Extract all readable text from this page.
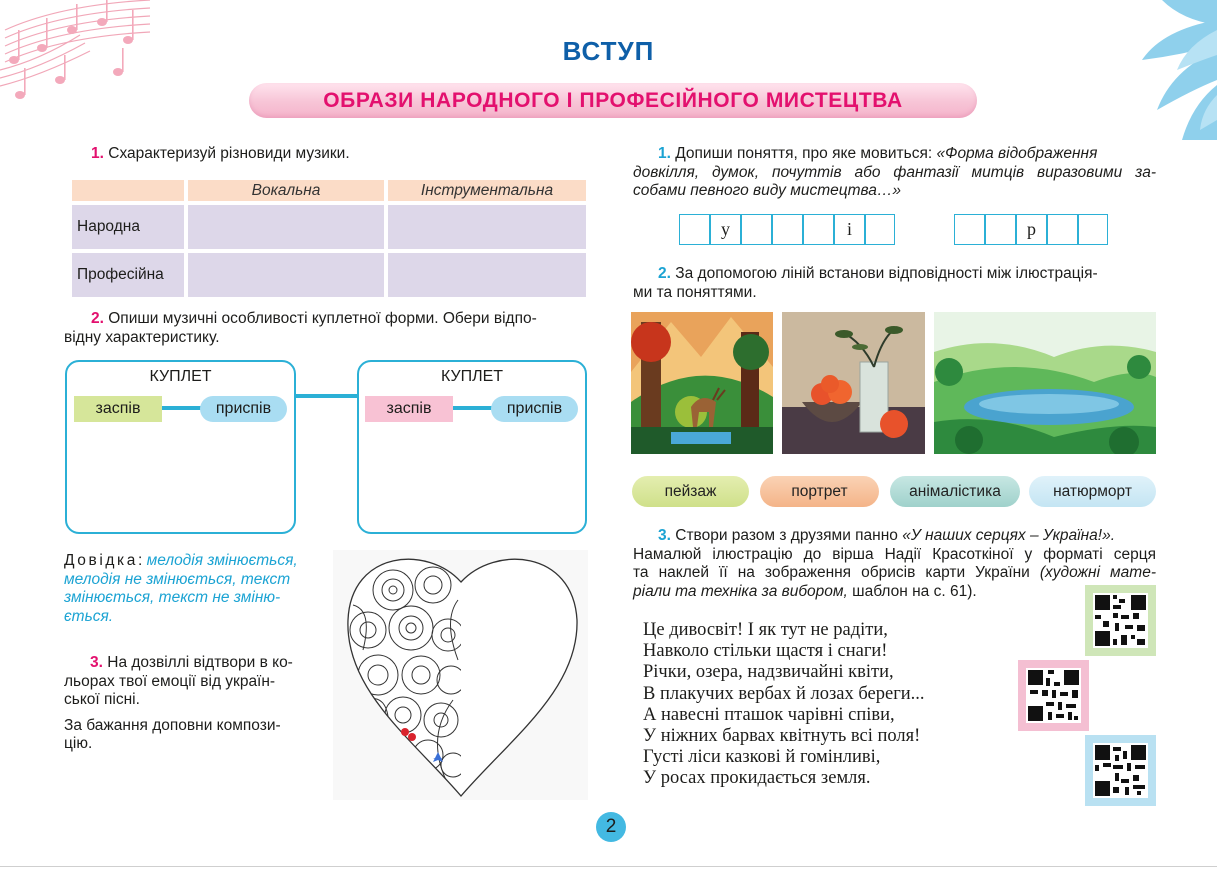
ВСТУП
ОБРАЗИ НАРОДНОГО І ПРОФЕСІЙНОГО МИСТЕЦТВА
1. Схарактеризуй різновиди музики.
Вокальна	Інструментальна
Народна
Професійна
2. Опиши музичні особливості куплетної форми. Обери відпо-
відну характеристику.
КУПЛЕТ
заспів	приспів
КУПЛЕТ
заспів	приспів
Довідка: мелодія змінюється,
мелодія не змінюється, текст
змінюється, текст не зміню-
ється.
3. На дозвіллі відтвори в ко-
льорах твої емоції від україн-
ської пісні.
За бажання доповни компози-
цію.
1. Допиши поняття, про яке мовиться: «Форма відображення
довкілля, думок, почуттів або фантазії митців виразовими за-
собами певного виду мистецтва…»
у	і	р
2. За допомогою ліній встанови відповідності між ілюстрація-
ми та поняттями.
пейзаж	портрет	анімалістика	натюрморт
3. Створи разом з друзями панно «У наших серцях – Україна!».
Намалюй ілюстрацію до вірша Надії Красоткіної у форматі серця
та наклей її на зображення обрисів карти України (художні мате-
ріали та техніка за вибором, шаблон на с. 61).
Це дивосвіт! І як тут не радіти,
Навколо стільки щастя і снаги!
Річки, озера, надзвичайні квіти,
В плакучих вербах й лозах береги...
А навесні пташок чарівні співи,
У ніжних барвах квітнуть всі поля!
Густі ліси казкові й гомінливі,
У росах прокидається земля.
2
